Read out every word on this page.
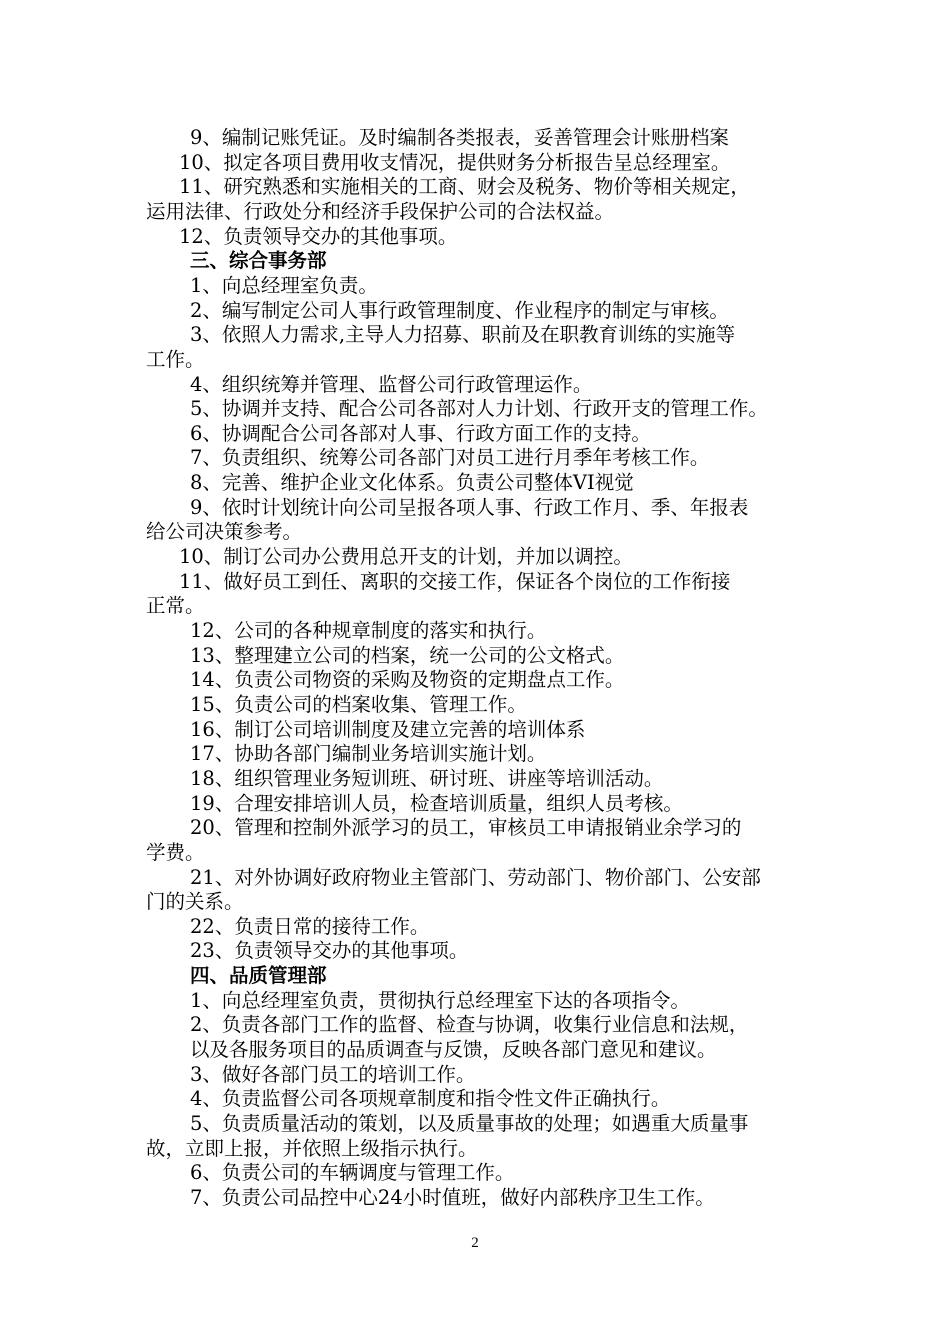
9、编制记账凭证。及时编制各类报表，妥善管理会计账册档案
10、拟定各项目费用收支情况，提供财务分析报告呈总经理室。
11、研究熟悉和实施相关的工商、财会及税务、物价等相关规定，
运用法律、行政处分和经济手段保护公司的合法权益。
12、负责领导交办的其他事项。
三、综合事务部
1、向总经理室负责。
2、编写制定公司人事行政管理制度、作业程序的制定与审核。
3、依照人力需求,主导人力招募、职前及在职教育训练的实施等
工作。
4、组织统筹并管理、监督公司行政管理运作。
5、协调并支持、配合公司各部对人力计划、行政开支的管理工作。
6、协调配合公司各部对人事、行政方面工作的支持。
7、负责组织、统筹公司各部门对员工进行月季年考核工作。
8、完善、维护企业文化体系。负责公司整体VI视觉
9、依时计划统计向公司呈报各项人事、行政工作月、季、年报表
给公司决策参考。
10、制订公司办公费用总开支的计划，并加以调控。
11、做好员工到任、离职的交接工作，保证各个岗位的工作衔接
正常。
12、公司的各种规章制度的落实和执行。
13、整理建立公司的档案，统一公司的公文格式。
14、负责公司物资的采购及物资的定期盘点工作。
15、负责公司的档案收集、管理工作。
16、制订公司培训制度及建立完善的培训体系
17、协助各部门编制业务培训实施计划。
18、组织管理业务短训班、研讨班、讲座等培训活动。
19、合理安排培训人员，检查培训质量，组织人员考核。
20、管理和控制外派学习的员工，审核员工申请报销业余学习的
学费。
21、对外协调好政府物业主管部门、劳动部门、物价部门、公安部
门的关系。
22、负责日常的接待工作。
23、负责领导交办的其他事项。
四、品质管理部
1、向总经理室负责，贯彻执行总经理室下达的各项指令。
2、负责各部门工作的监督、检查与协调，收集行业信息和法规，
以及各服务项目的品质调查与反馈，反映各部门意见和建议。
3、做好各部门员工的培训工作。
4、负责监督公司各项规章制度和指令性文件正确执行。
5、负责质量活动的策划，以及质量事故的处理；如遇重大质量事
故，立即上报，并依照上级指示执行。
6、负责公司的车辆调度与管理工作。
7、负责公司品控中心24小时值班，做好内部秩序卫生工作。
2
